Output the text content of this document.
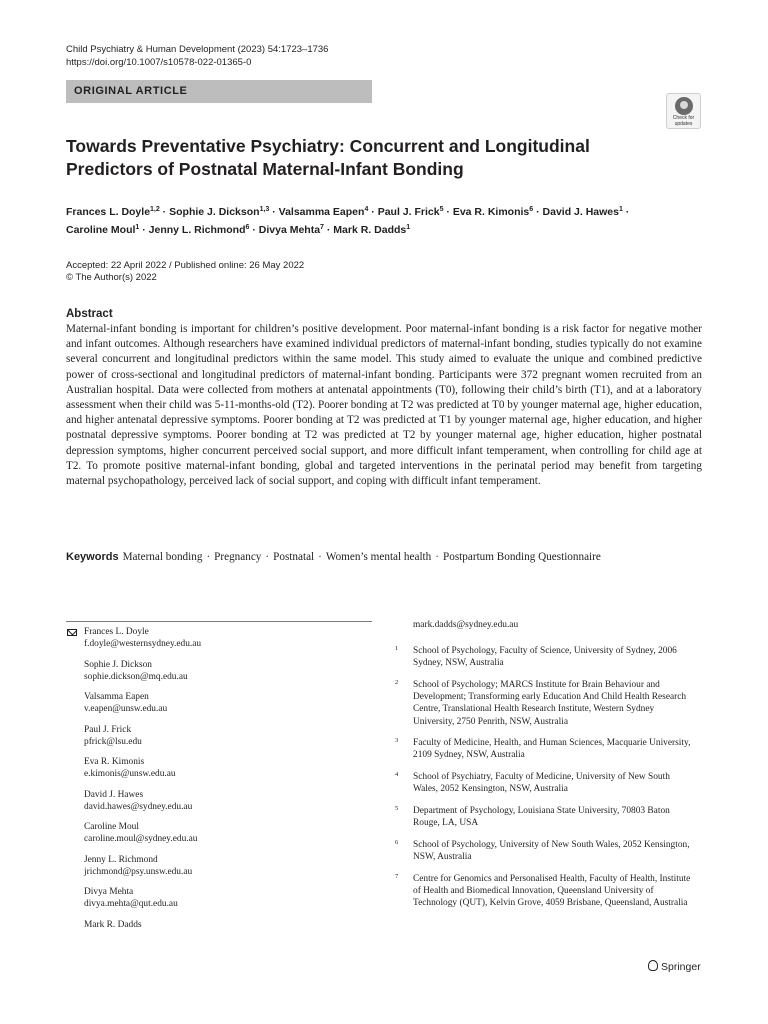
Child Psychiatry & Human Development (2023) 54:1723–1736
https://doi.org/10.1007/s10578-022-01365-0
ORIGINAL ARTICLE
Check for updates
Towards Preventative Psychiatry: Concurrent and Longitudinal
Predictors of Postnatal Maternal-Infant Bonding
Frances L. Doyle$^{1,2}$ · Sophie J. Dickson$^{1,3}$ · Valsamma Eapen$^4$ · Paul J. Frick$^5$ · Eva R. Kimonis$^6$ · David J. Hawes$^1$ ·
Caroline Moul$^1$ · Jenny L. Richmond$^6$ · Divya Mehta$^7$ · Mark R. Dadds$^1$
Accepted: 22 April 2022 / Published online: 26 May 2022
© The Author(s) 2022
Abstract
Maternal-infant bonding is important for children’s positive development. Poor maternal-infant bonding is a risk factor for negative mother and infant outcomes. Although researchers have examined individual predictors of maternal-infant bonding, studies typically do not examine several concurrent and longitudinal predictors within the same model. This study aimed to evaluate the unique and combined predictive power of cross-sectional and longitudinal predictors of maternal-infant bonding. Participants were 372 pregnant women recruited from an Australian hospital. Data were collected from mothers at antenatal appointments (T0), following their child’s birth (T1), and at a laboratory assessment when their child was 5-11-months-old (T2). Poorer bonding at T2 was predicted at T0 by younger maternal age, higher education, and higher antenatal depressive symptoms. Poorer bonding at T2 was predicted at T1 by younger maternal age, higher education, and higher postnatal depressive symptoms. Poorer bonding at T2 was predicted at T2 by younger maternal age, higher education, higher postnatal depression symptoms, higher concurrent perceived social support, and more difficult infant temperament, when controlling for child age at T2. To promote positive maternal-infant bonding, global and targeted interventions in the perinatal period may benefit from targeting maternal psychopathology, perceived lack of social support, and coping with difficult infant temperament.
Keywords Maternal bonding · Pregnancy · Postnatal · Women’s mental health · Postpartum Bonding Questionnaire
Frances L. Doyle
f.doyle@westernsydney.edu.au
Sophie J. Dickson
sophie.dickson@mq.edu.au
Valsamma Eapen
v.eapen@unsw.edu.au
Paul J. Frick
pfrick@lsu.edu
Eva R. Kimonis
e.kimonis@unsw.edu.au
David J. Hawes
david.hawes@sydney.edu.au
Caroline Moul
caroline.moul@sydney.edu.au
Jenny L. Richmond
jrichmond@psy.unsw.edu.au
Divya Mehta
divya.mehta@qut.edu.au
Mark R. Dadds
mark.dadds@sydney.edu.au
1 School of Psychology, Faculty of Science, University of Sydney, 2006 Sydney, NSW, Australia
2 School of Psychology; MARCS Institute for Brain Behaviour and Development; Transforming early Education And Child Health Research Centre, Translational Health Research Institute, Western Sydney University, 2750 Penrith, NSW, Australia
3 Faculty of Medicine, Health, and Human Sciences, Macquarie University, 2109 Sydney, NSW, Australia
4 School of Psychiatry, Faculty of Medicine, University of New South Wales, 2052 Kensington, NSW, Australia
5 Department of Psychology, Louisiana State University, 70803 Baton Rouge, LA, USA
6 School of Psychology, University of New South Wales, 2052 Kensington, NSW, Australia
7 Centre for Genomics and Personalised Health, Faculty of Health, Institute of Health and Biomedical Innovation, Queensland University of Technology (QUT), Kelvin Grove, 4059 Brisbane, Queensland, Australia
Springer
